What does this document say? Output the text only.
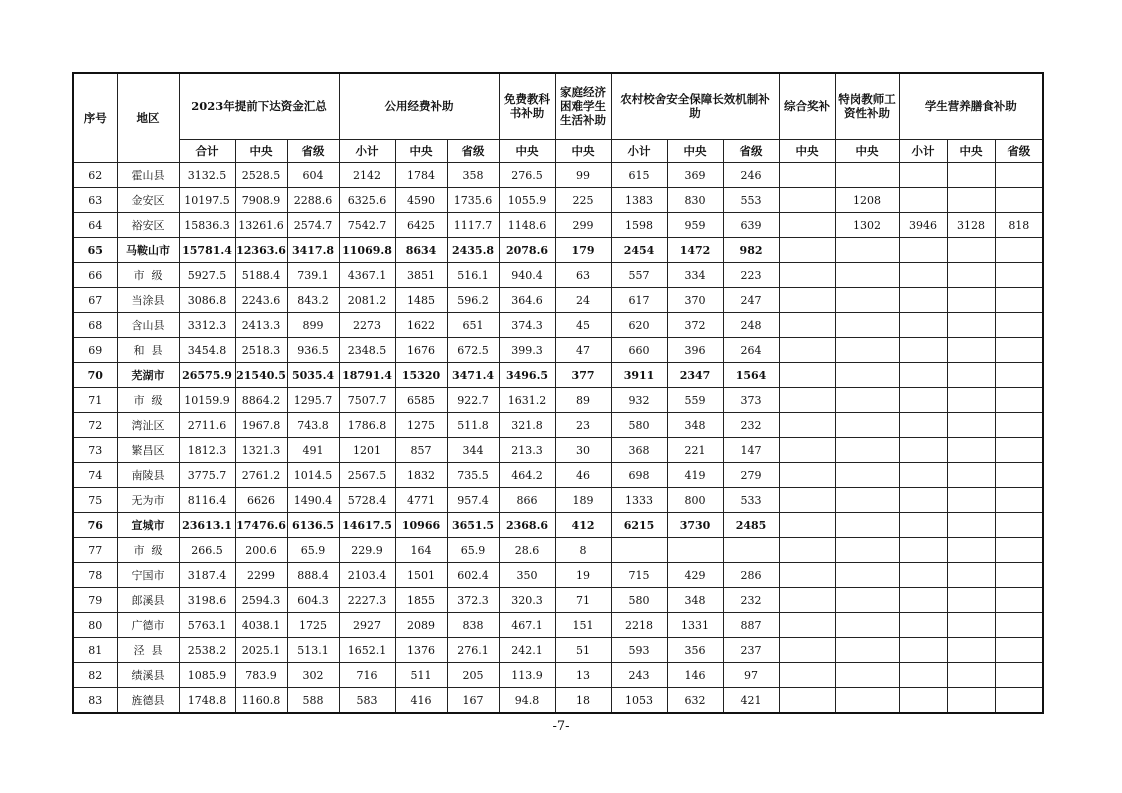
序号	地区	2023年提前下达资金汇总			公用经费补助			免费教科书补助	家庭经济困难学生生活补助	农村校舍安全保障长效机制补助			综合奖补	特岗教师工资性补助	学生营养膳食补助		
		合计	中央	省级	小计	中央	省级	中央	中央	小计	中央	省级	中央	中央	小计	中央	省级
62	霍山县	3132.5	2528.5	604	2142	1784	358	276.5	99	615	369	246					
63	金安区	10197.5	7908.9	2288.6	6325.6	4590	1735.6	1055.9	225	1383	830	553		1208			
64	裕安区	15836.3	13261.6	2574.7	7542.7	6425	1117.7	1148.6	299	1598	959	639		1302	3946	3128	818
65	马鞍山市	15781.4	12363.6	3417.8	11069.8	8634	2435.8	2078.6	179	2454	1472	982					
66	市  级	5927.5	5188.4	739.1	4367.1	3851	516.1	940.4	63	557	334	223					
67	当涂县	3086.8	2243.6	843.2	2081.2	1485	596.2	364.6	24	617	370	247					
68	含山县	3312.3	2413.3	899	2273	1622	651	374.3	45	620	372	248					
69	和  县	3454.8	2518.3	936.5	2348.5	1676	672.5	399.3	47	660	396	264					
70	芜湖市	26575.9	21540.5	5035.4	18791.4	15320	3471.4	3496.5	377	3911	2347	1564					
71	市  级	10159.9	8864.2	1295.7	7507.7	6585	922.7	1631.2	89	932	559	373					
72	湾沚区	2711.6	1967.8	743.8	1786.8	1275	511.8	321.8	23	580	348	232					
73	繁昌区	1812.3	1321.3	491	1201	857	344	213.3	30	368	221	147					
74	南陵县	3775.7	2761.2	1014.5	2567.5	1832	735.5	464.2	46	698	419	279					
75	无为市	8116.4	6626	1490.4	5728.4	4771	957.4	866	189	1333	800	533					
76	宣城市	23613.1	17476.6	6136.5	14617.5	10966	3651.5	2368.6	412	6215	3730	2485					
77	市  级	266.5	200.6	65.9	229.9	164	65.9	28.6	8								
78	宁国市	3187.4	2299	888.4	2103.4	1501	602.4	350	19	715	429	286					
79	郎溪县	3198.6	2594.3	604.3	2227.3	1855	372.3	320.3	71	580	348	232					
80	广德市	5763.1	4038.1	1725	2927	2089	838	467.1	151	2218	1331	887					
81	泾  县	2538.2	2025.1	513.1	1652.1	1376	276.1	242.1	51	593	356	237					
82	绩溪县	1085.9	783.9	302	716	511	205	113.9	13	243	146	97					
83	旌德县	1748.8	1160.8	588	583	416	167	94.8	18	1053	632	421					
-7-
